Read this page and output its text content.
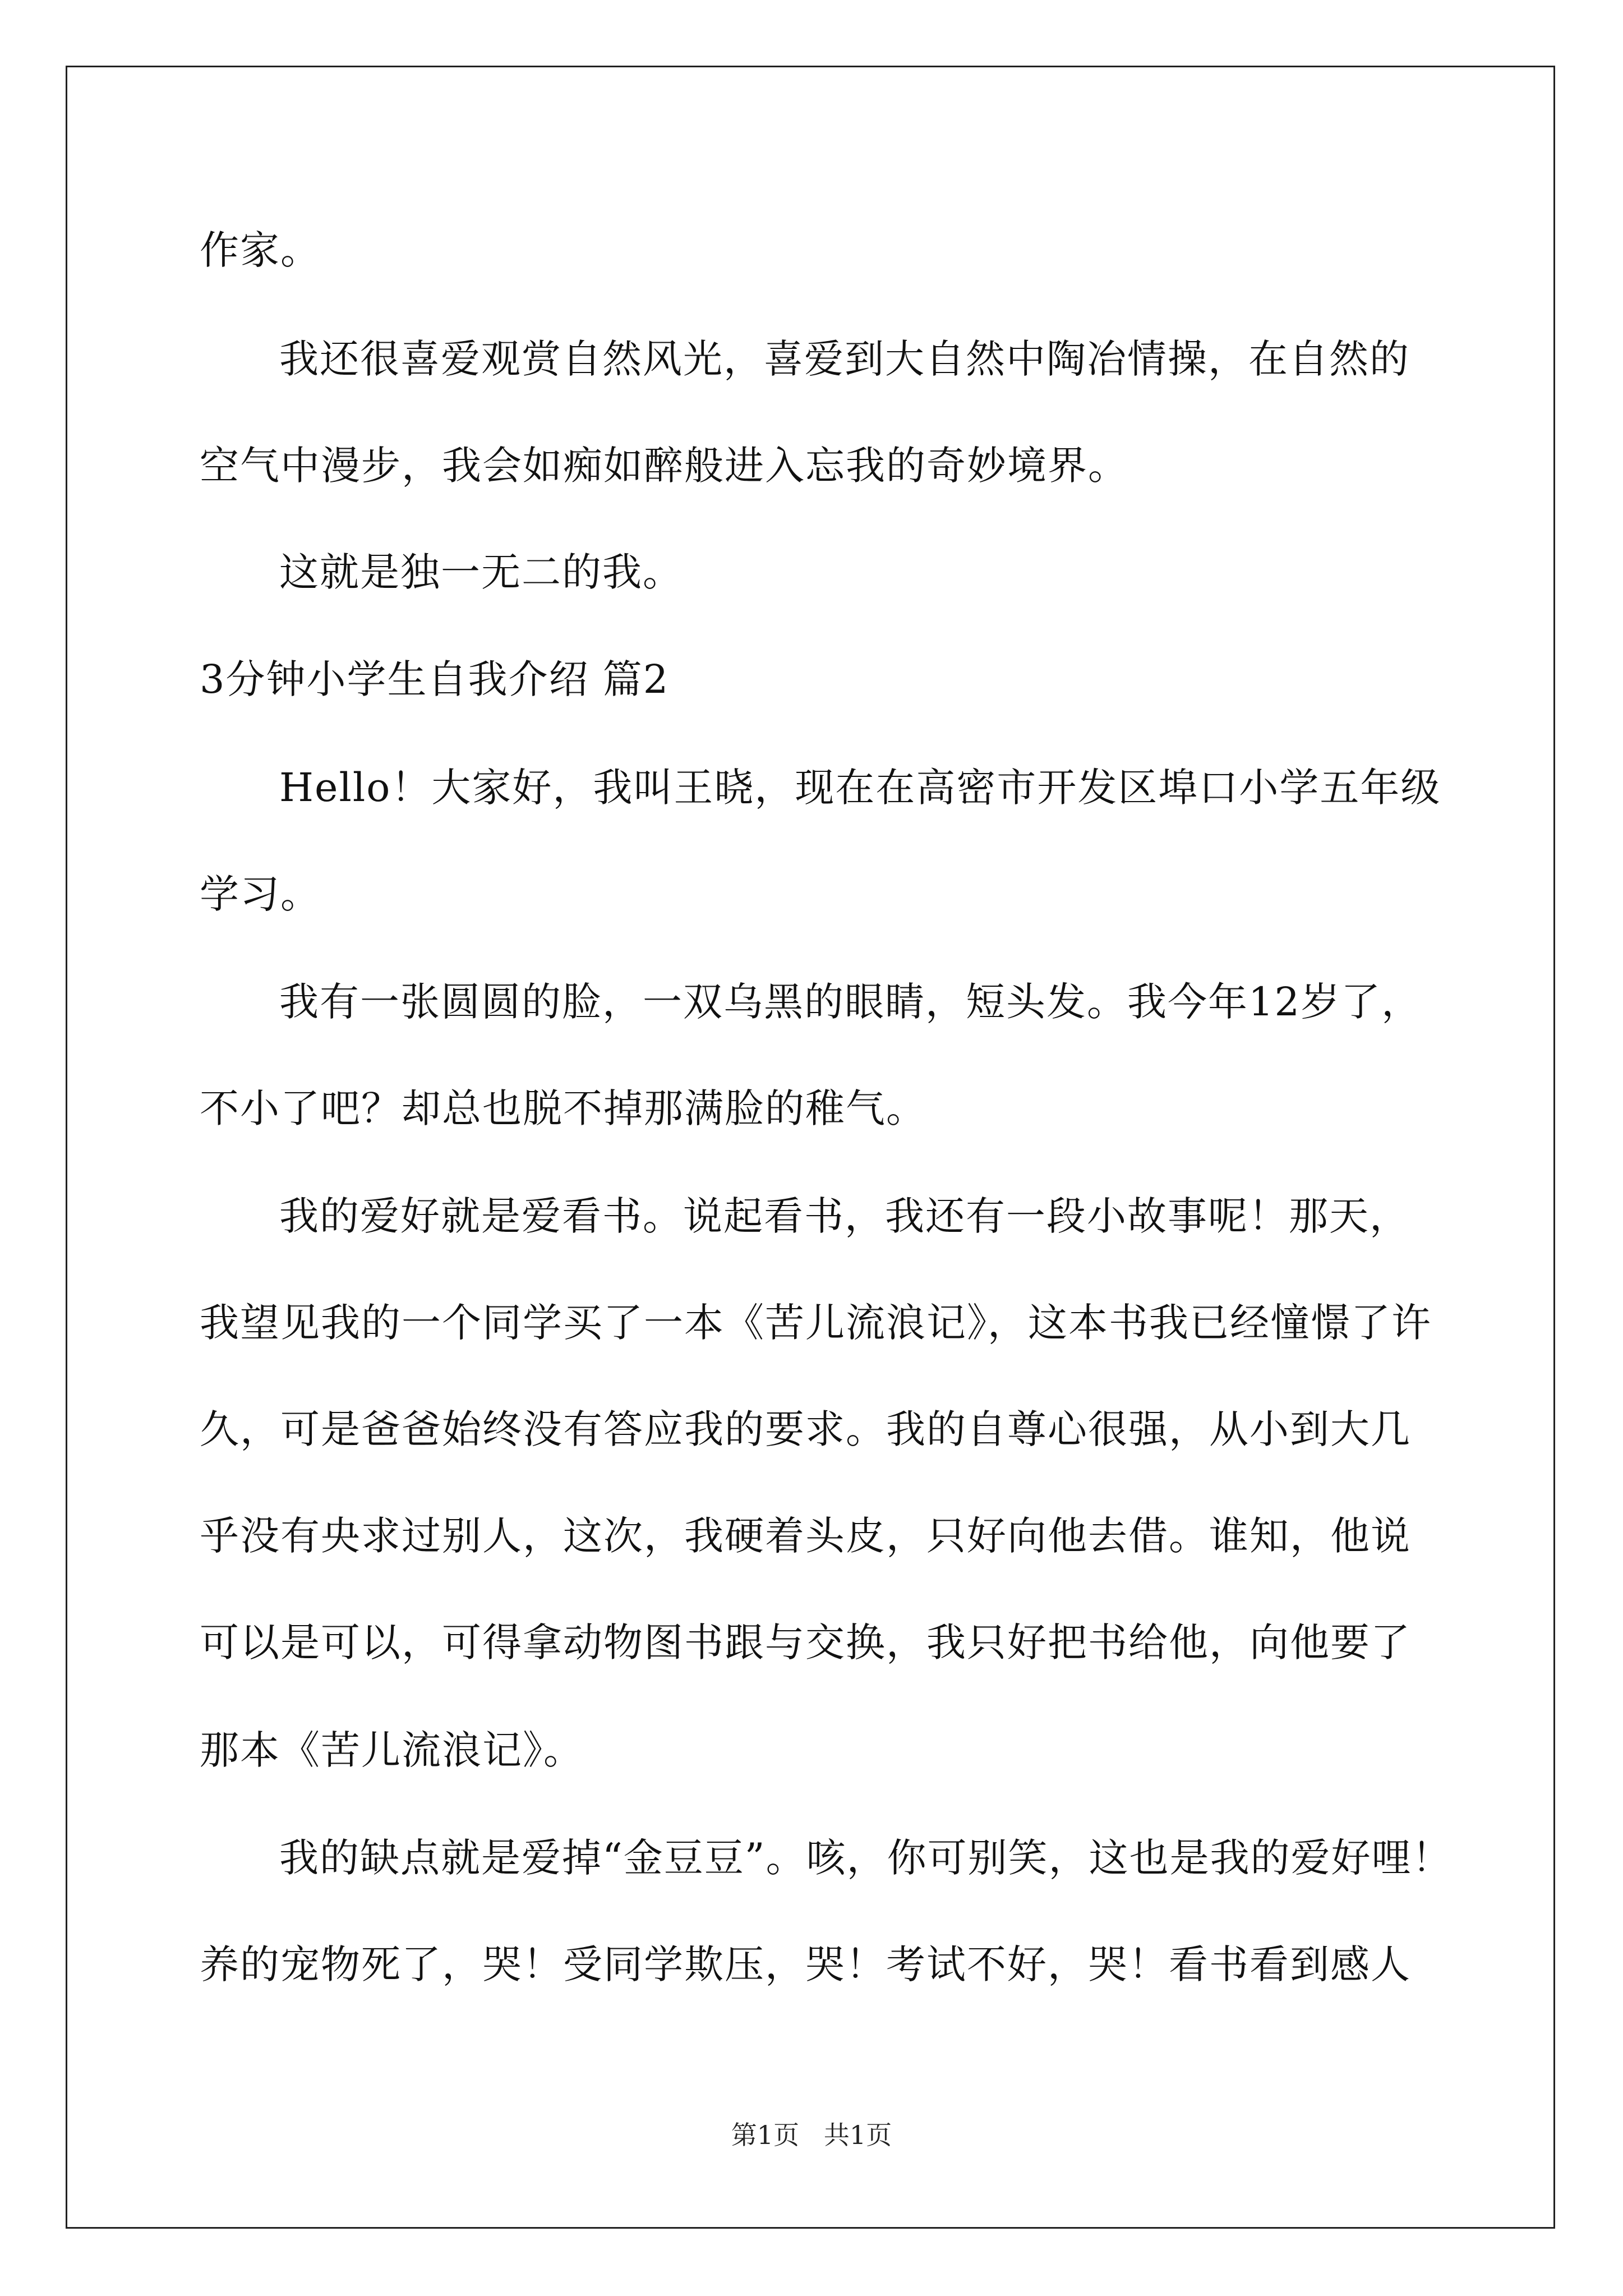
作家。

我还很喜爱观赏自然风光，喜爱到大自然中陶冶情操，在自然的

空气中漫步，我会如痴如醉般进入忘我的奇妙境界。

这就是独一无二的我。

3分钟小学生自我介绍 篇2

Hello！大家好，我叫王晓，现在在高密市开发区埠口小学五年级

学习。

我有一张圆圆的脸，一双乌黑的眼睛，短头发。我今年12岁了，

不小了吧？却总也脱不掉那满脸的稚气。

我的爱好就是爱看书。说起看书，我还有一段小故事呢！那天，

我望见我的一个同学买了一本《苦儿流浪记》，这本书我已经憧憬了许

久，可是爸爸始终没有答应我的要求。我的自尊心很强，从小到大几

乎没有央求过别人，这次，我硬着头皮，只好向他去借。谁知，他说

可以是可以，可得拿动物图书跟与交换，我只好把书给他，向他要了

那本《苦儿流浪记》。

我的缺点就是爱掉“金豆豆”。咳，你可别笑，这也是我的爱好哩！

养的宠物死了，哭！受同学欺压，哭！考试不好，哭！看书看到感人

第1页   共1页
